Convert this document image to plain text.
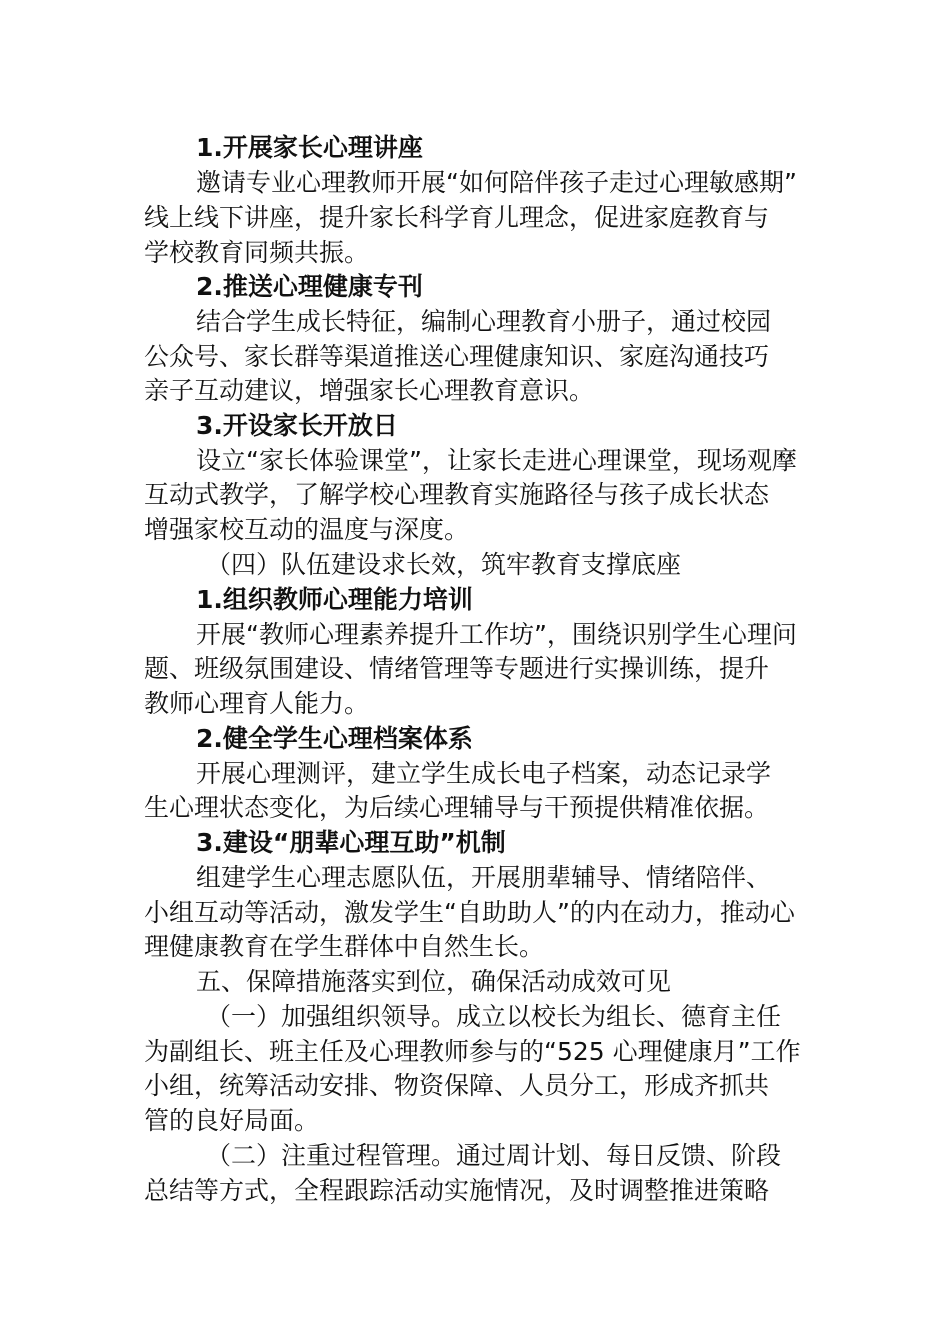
1.开展家长心理讲座
邀请专业心理教师开展“如何陪伴孩子走过心理敏感期”
线上线下讲座，提升家长科学育儿理念，促进家庭教育与
学校教育同频共振。
2.推送心理健康专刊
结合学生成长特征，编制心理教育小册子，通过校园
公众号、家长群等渠道推送心理健康知识、家庭沟通技巧
亲子互动建议，增强家长心理教育意识。
3.开设家长开放日
设立“家长体验课堂”，让家长走进心理课堂，现场观摩
互动式教学，了解学校心理教育实施路径与孩子成长状态
增强家校互动的温度与深度。
（四）队伍建设求长效，筑牢教育支撑底座
1.组织教师心理能力培训
开展“教师心理素养提升工作坊”，围绕识别学生心理问
题、班级氛围建设、情绪管理等专题进行实操训练，提升
教师心理育人能力。
2.健全学生心理档案体系
开展心理测评，建立学生成长电子档案，动态记录学
生心理状态变化，为后续心理辅导与干预提供精准依据。
3.建设“朋辈心理互助”机制
组建学生心理志愿队伍，开展朋辈辅导、情绪陪伴、
小组互动等活动，激发学生“自助助人”的内在动力，推动心
理健康教育在学生群体中自然生长。
五、保障措施落实到位，确保活动成效可见
（一）加强组织领导。成立以校长为组长、德育主任
为副组长、班主任及心理教师参与的“525 心理健康月”工作
小组，统筹活动安排、物资保障、人员分工，形成齐抓共
管的良好局面。
（二）注重过程管理。通过周计划、每日反馈、阶段
总结等方式，全程跟踪活动实施情况，及时调整推进策略
